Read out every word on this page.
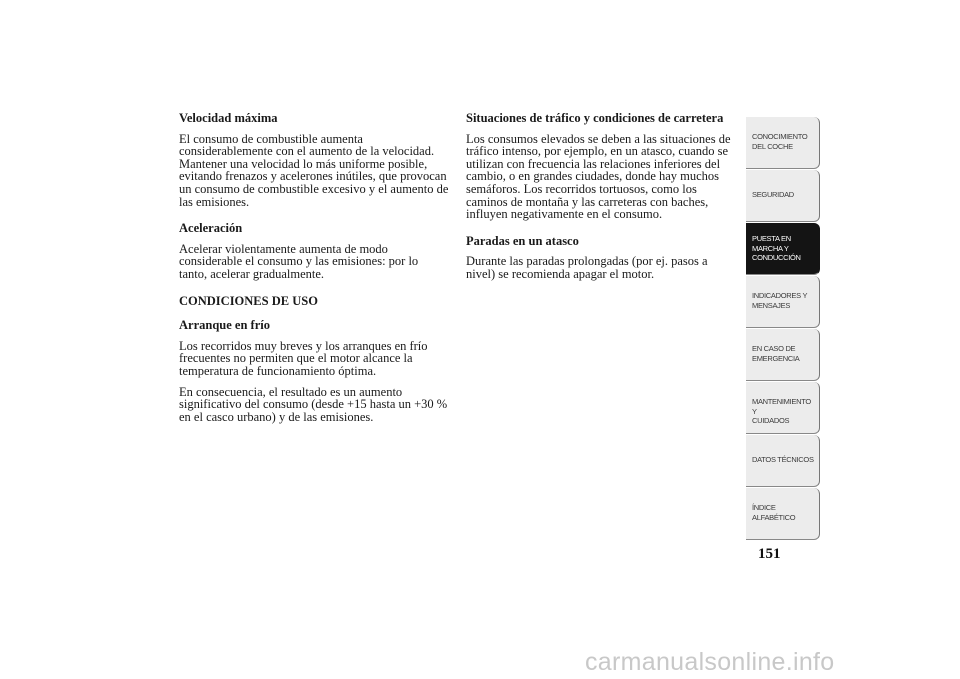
Velocidad máxima
El consumo de combustible aumenta considerablemente con el aumento de la velocidad. Mantener una velocidad lo más uniforme posible, evitando frenazos y acelerones inútiles, que provocan un consumo de combustible excesivo y el aumento de las emisiones.
Aceleración
Acelerar violentamente aumenta de modo considerable el consumo y las emisiones: por lo tanto, acelerar gradualmente.
CONDICIONES DE USO
Arranque en frío
Los recorridos muy breves y los arranques en frío frecuentes no permiten que el motor alcance la temperatura de funcionamiento óptima.
En consecuencia, el resultado es un aumento significativo del consumo (desde +15 hasta un +30 % en el casco urbano) y de las emisiones.
Situaciones de tráfico y condiciones de carretera
Los consumos elevados se deben a las situaciones de tráfico intenso, por ejemplo, en un atasco, cuando se utilizan con frecuencia las relaciones inferiores del cambio, o en grandes ciudades, donde hay muchos semáforos. Los recorridos tortuosos, como los caminos de montaña y las carreteras con baches, influyen negativamente en el consumo.
Paradas en un atasco
Durante las paradas prolongadas (por ej. pasos a nivel) se recomienda apagar el motor.
CONOCIMIENTO
DEL COCHE
SEGURIDAD
PUESTA EN
MARCHA Y
CONDUCCIÓN
INDICADORES Y
MENSAJES
EN CASO DE
EMERGENCIA
MANTENIMIENTO Y
CUIDADOS
DATOS TÉCNICOS
ÍNDICE
ALFABÉTICO
151
carmanualsonline.info
